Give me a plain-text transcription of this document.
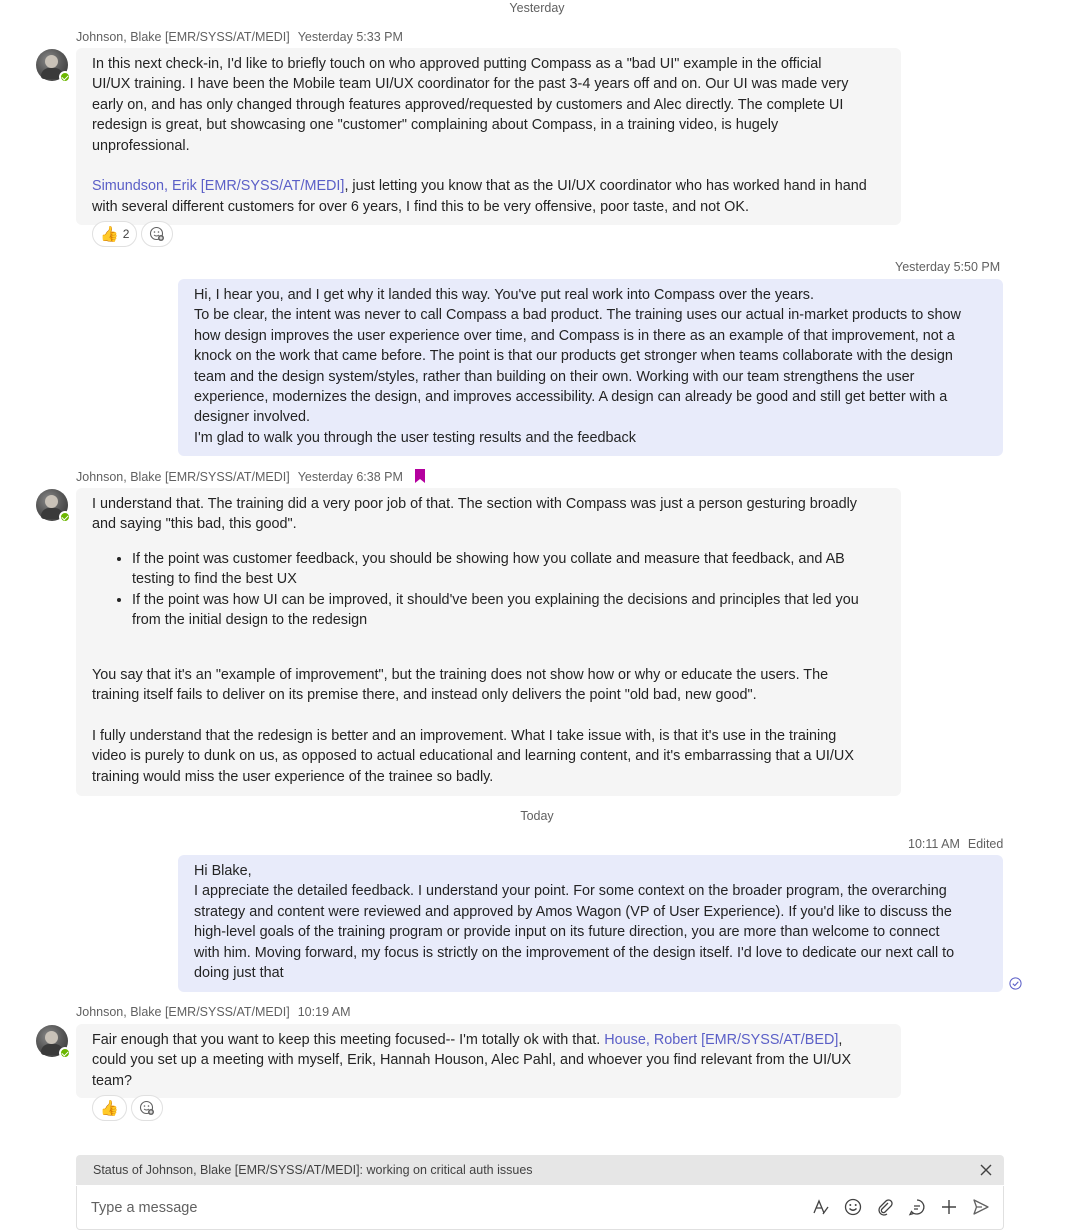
Yesterday
Johnson, Blake [EMR/SYSS/AT/MEDI] Yesterday 5:33 PM

In this next check-in, I'd like to briefly touch on who approved putting Compass as a "bad UI" example in the official

UI/UX training. I have been the Mobile team UI/UX coordinator for the past 3-4 years off and on. Our UI was made very

early on, and has only changed through features approved/requested by customers and Alec directly. The complete UI

redesign is great, but showcasing one "customer" complaining about Compass, in a training video, is hugely

unprofessional.

Simundson, Erik [EMR/SYSS/AT/MEDI], just letting you know that as the UI/UX coordinator who has worked hand in hand

with several different customers for over 6 years, I find this to be very offensive, poor taste, and not OK.

👍 2
Yesterday 5:50 PM

Hi, I hear you, and I get why it landed this way. You've put real work into Compass over the years.

To be clear, the intent was never to call Compass a bad product. The training uses our actual in-market products to show

how design improves the user experience over time, and Compass is in there as an example of that improvement, not a

knock on the work that came before. The point is that our products get stronger when teams collaborate with the design

team and the design system/styles, rather than building on their own. Working with our team strengthens the user

experience, modernizes the design, and improves accessibility. A design can already be good and still get better with a

designer involved.

I'm glad to walk you through the user testing results and the feedback

Johnson, Blake [EMR/SYSS/AT/MEDI] Yesterday 6:38 PM

I understand that. The training did a very poor job of that. The section with Compass was just a person gesturing broadly

and saying "this bad, this good".

• If the point was customer feedback, you should be showing how you collate and measure that feedback, and AB
testing to find the best UX
• If the point was how UI can be improved, it should've been you explaining the decisions and principles that led you
from the initial design to the redesign

You say that it's an "example of improvement", but the training does not show how or why or educate the users. The

training itself fails to deliver on its premise there, and instead only delivers the point "old bad, new good".

I fully understand that the redesign is better and an improvement. What I take issue with, is that it's use in the training

video is purely to dunk on us, as opposed to actual educational and learning content, and it's embarrassing that a UI/UX

training would miss the user experience of the trainee so badly.

Today
10:11 AM Edited

Hi Blake,

I appreciate the detailed feedback. I understand your point. For some context on the broader program, the overarching

strategy and content were reviewed and approved by Amos Wagon (VP of User Experience). If you'd like to discuss the

high-level goals of the training program or provide input on its future direction, you are more than welcome to connect

with him. Moving forward, my focus is strictly on the improvement of the design itself. I'd love to dedicate our next call to

doing just that

Johnson, Blake [EMR/SYSS/AT/MEDI] 10:19 AM

Fair enough that you want to keep this meeting focused-- I'm totally ok with that. House, Robert [EMR/SYSS/AT/BED],

could you set up a meeting with myself, Erik, Hannah Houson, Alec Pahl, and whoever you find relevant from the UI/UX

team?

👍
Status of Johnson, Blake [EMR/SYSS/AT/MEDI]: working on critical auth issues
Type a message
